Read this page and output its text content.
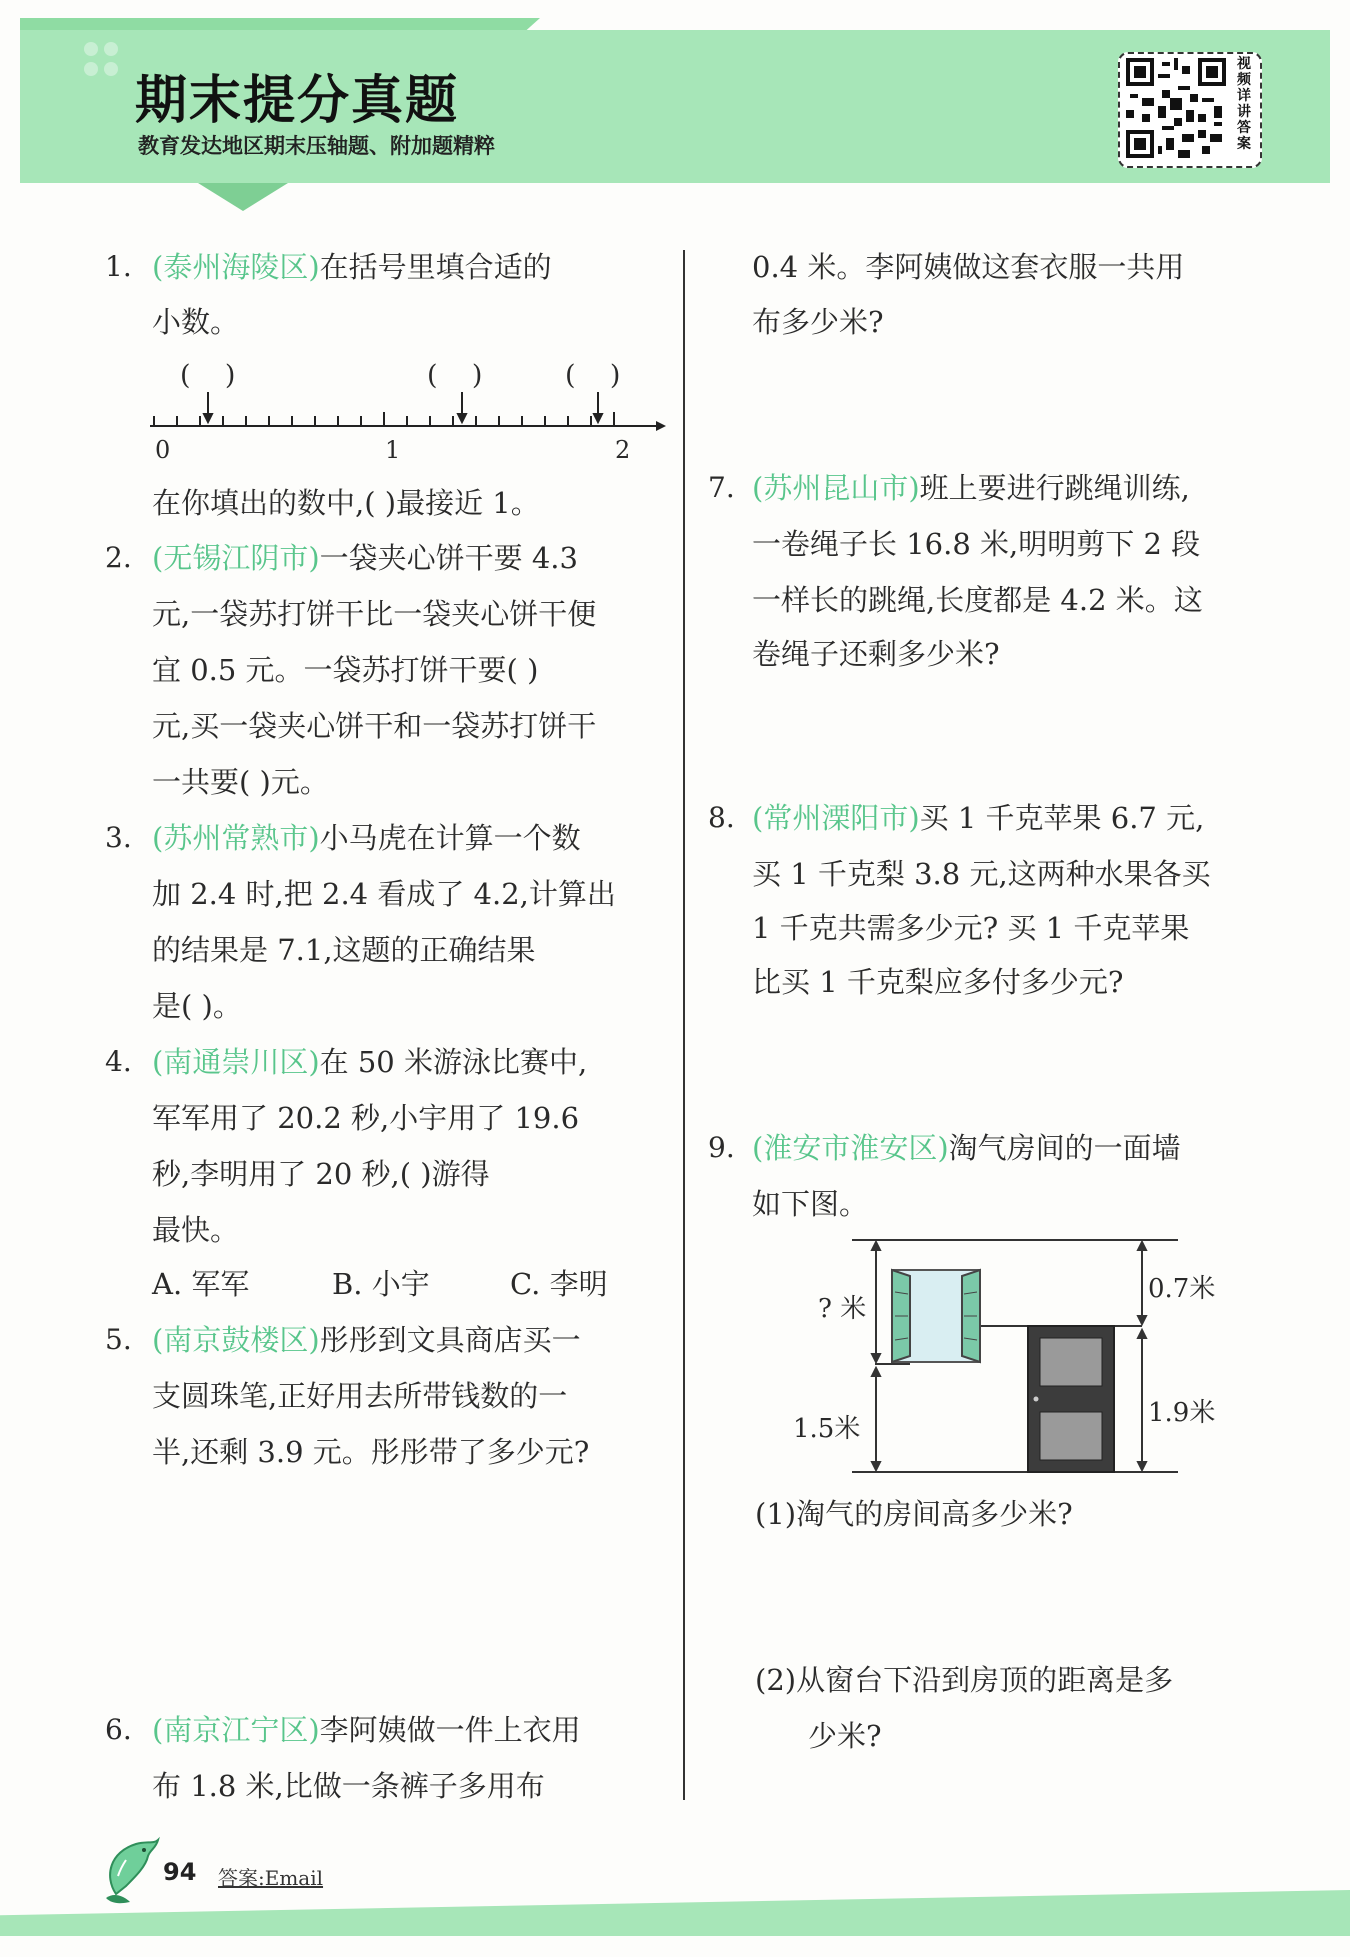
期末提分真题
教育发达地区期末压轴题、附加题精粹
视频详讲答案
1. (泰州海陵区)在括号里填合适的
小数。
(    )	(    )	(    )
0	1	2
在你填出的数中,( )最接近 1。
2. (无锡江阴市)一袋夹心饼干要 4.3
元,一袋苏打饼干比一袋夹心饼干便
宜 0.5 元。一袋苏打饼干要( )
元,买一袋夹心饼干和一袋苏打饼干
一共要( )元。
3. (苏州常熟市)小马虎在计算一个数
加 2.4 时,把 2.4 看成了 4.2,计算出
的结果是 7.1,这题的正确结果
是( )。
4. (南通崇川区)在 50 米游泳比赛中,
军军用了 20.2 秒,小宇用了 19.6
秒,李明用了 20 秒,( )游得
最快。
A. 军军	B. 小宇	C. 李明
5. (南京鼓楼区)彤彤到文具商店买一
支圆珠笔,正好用去所带钱数的一
半,还剩 3.9 元。彤彤带了多少元?
6. (南京江宁区)李阿姨做一件上衣用
布 1.8 米,比做一条裤子多用布
0.4 米。李阿姨做这套衣服一共用
布多少米?
7. (苏州昆山市)班上要进行跳绳训练,
一卷绳子长 16.8 米,明明剪下 2 段
一样长的跳绳,长度都是 4.2 米。这
卷绳子还剩多少米?
8. (常州溧阳市)买 1 千克苹果 6.7 元,
买 1 千克梨 3.8 元,这两种水果各买
1 千克共需多少元? 买 1 千克苹果
比买 1 千克梨应多付多少元?
9. (淮安市淮安区)淘气房间的一面墙
如下图。
? 米
0.7米
1.5米
1.9米
(1)淘气的房间高多少米?
(2)从窗台下沿到房顶的距离是多
少米?
94 答案:Email
